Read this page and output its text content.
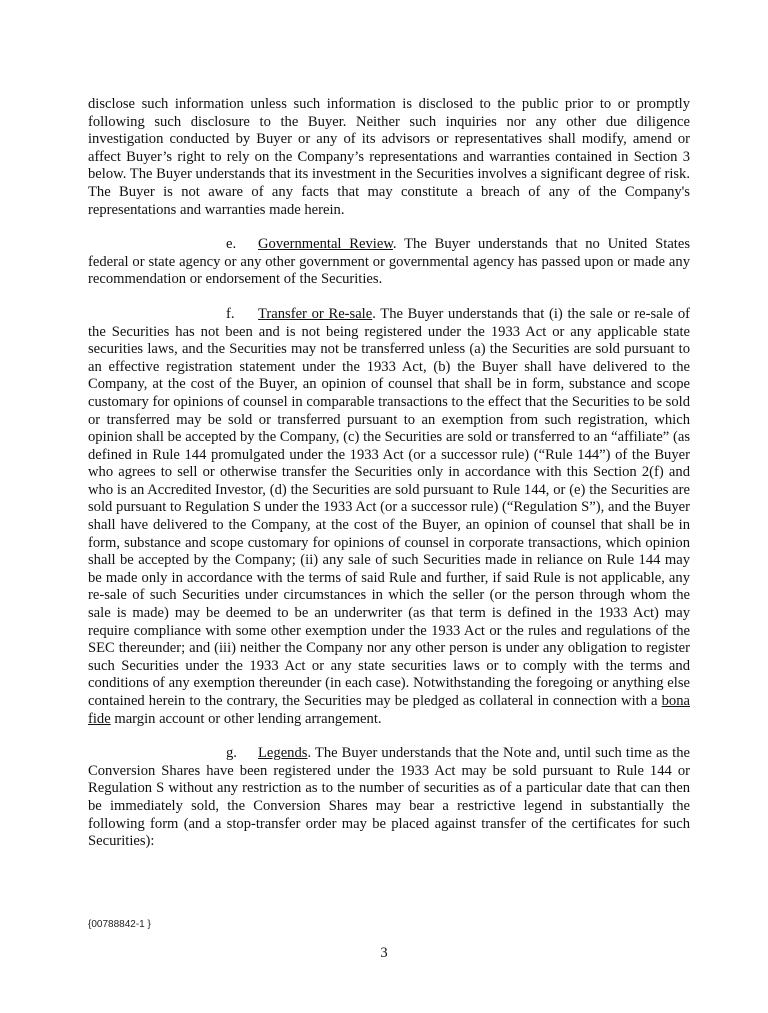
disclose such information unless such information is disclosed to the public prior to or promptly following such disclosure to the Buyer. Neither such inquiries nor any other due diligence investigation conducted by Buyer or any of its advisors or representatives shall modify, amend or affect Buyer’s right to rely on the Company’s representations and warranties contained in Section 3 below. The Buyer understands that its investment in the Securities involves a significant degree of risk. The Buyer is not aware of any facts that may constitute a breach of any of the Company's representations and warranties made herein.

e. Governmental Review. The Buyer understands that no United States federal or state agency or any other government or governmental agency has passed upon or made any recommendation or endorsement of the Securities.

f. Transfer or Re-sale. The Buyer understands that (i) the sale or re-sale of the Securities has not been and is not being registered under the 1933 Act or any applicable state securities laws, and the Securities may not be transferred unless (a) the Securities are sold pursuant to an effective registration statement under the 1933 Act, (b) the Buyer shall have delivered to the Company, at the cost of the Buyer, an opinion of counsel that shall be in form, substance and scope customary for opinions of counsel in comparable transactions to the effect that the Securities to be sold or transferred may be sold or transferred pursuant to an exemption from such registration, which opinion shall be accepted by the Company, (c) the Securities are sold or transferred to an “affiliate” (as defined in Rule 144 promulgated under the 1933 Act (or a successor rule) (“Rule 144”) of the Buyer who agrees to sell or otherwise transfer the Securities only in accordance with this Section 2(f) and who is an Accredited Investor, (d) the Securities are sold pursuant to Rule 144, or (e) the Securities are sold pursuant to Regulation S under the 1933 Act (or a successor rule) (“Regulation S”), and the Buyer shall have delivered to the Company, at the cost of the Buyer, an opinion of counsel that shall be in form, substance and scope customary for opinions of counsel in corporate transactions, which opinion shall be accepted by the Company; (ii) any sale of such Securities made in reliance on Rule 144 may be made only in accordance with the terms of said Rule and further, if said Rule is not applicable, any re-sale of such Securities under circumstances in which the seller (or the person through whom the sale is made) may be deemed to be an underwriter (as that term is defined in the 1933 Act) may require compliance with some other exemption under the 1933 Act or the rules and regulations of the SEC thereunder; and (iii) neither the Company nor any other person is under any obligation to register such Securities under the 1933 Act or any state securities laws or to comply with the terms and conditions of any exemption thereunder (in each case). Notwithstanding the foregoing or anything else contained herein to the contrary, the Securities may be pledged as collateral in connection with a bona fide margin account or other lending arrangement.

g. Legends. The Buyer understands that the Note and, until such time as the Conversion Shares have been registered under the 1933 Act may be sold pursuant to Rule 144 or Regulation S without any restriction as to the number of securities as of a particular date that can then be immediately sold, the Conversion Shares may bear a restrictive legend in substantially the following form (and a stop-transfer order may be placed against transfer of the certificates for such Securities):

{00788842-1 }
3
